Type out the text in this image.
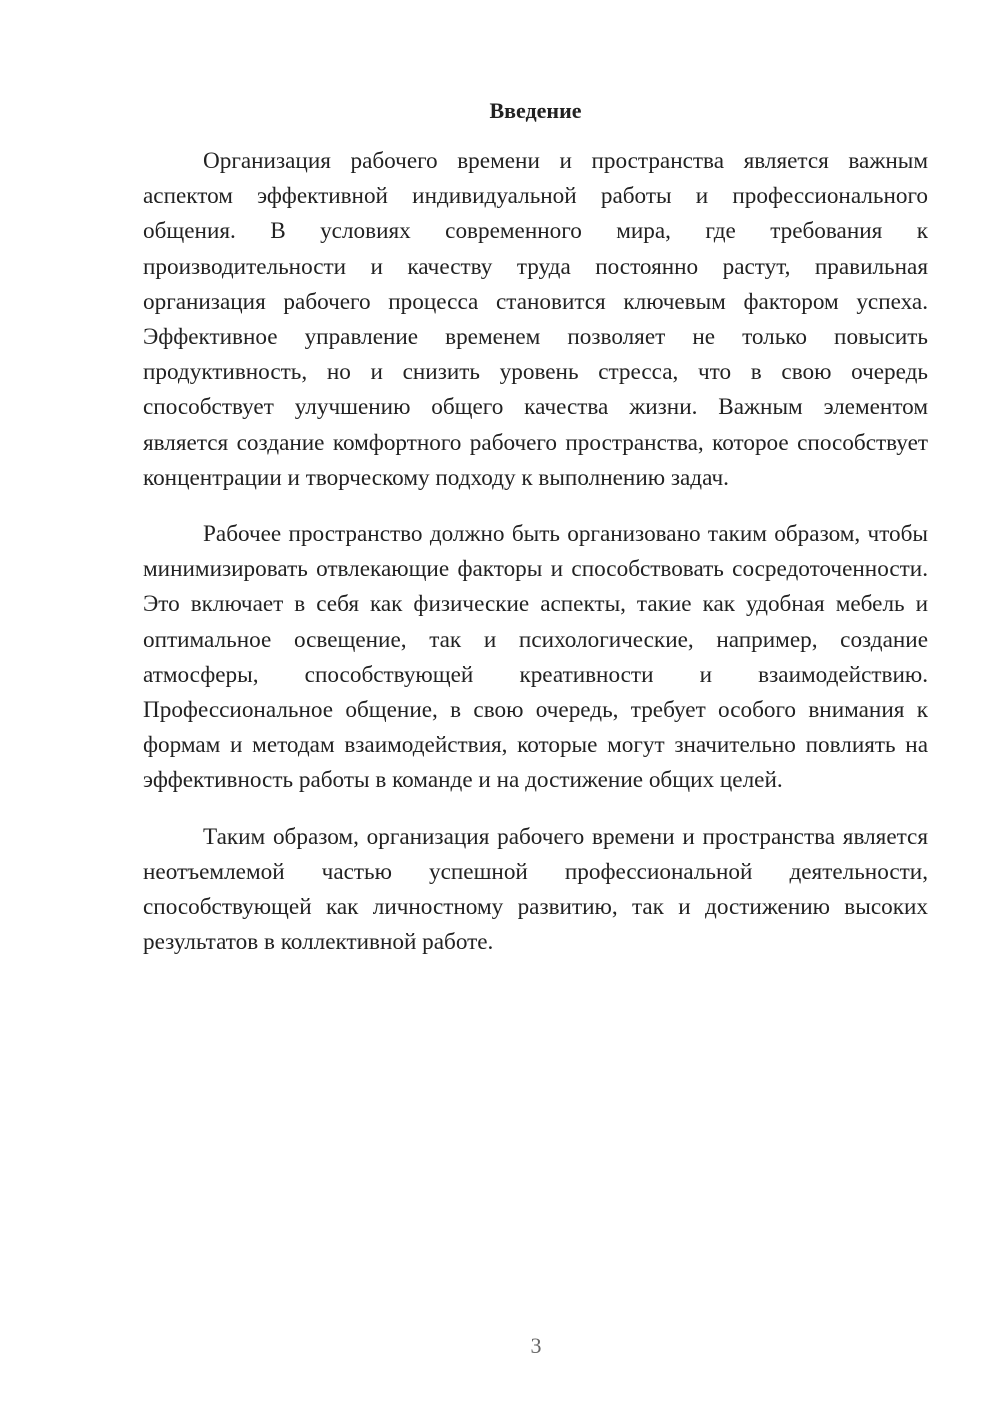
Введение

Организация рабочего времени и пространства является важным аспектом эффективной индивидуальной работы и профессионального общения. В условиях современного мира, где требования к производительности и качеству труда постоянно растут, правильная организация рабочего процесса становится ключевым фактором успеха. Эффективное управление временем позволяет не только повысить продуктивность, но и снизить уровень стресса, что в свою очередь способствует улучшению общего качества жизни. Важным элементом является создание комфортного рабочего пространства, которое способствует концентрации и творческому подходу к выполнению задач.

Рабочее пространство должно быть организовано таким образом, чтобы минимизировать отвлекающие факторы и способствовать сосредоточенности. Это включает в себя как физические аспекты, такие как удобная мебель и оптимальное освещение, так и психологические, например, создание атмосферы, способствующей креативности и взаимодействию. Профессиональное общение, в свою очередь, требует особого внимания к формам и методам взаимодействия, которые могут значительно повлиять на эффективность работы в команде и на достижение общих целей.

Таким образом, организация рабочего времени и пространства является неотъемлемой частью успешной профессиональной деятельности, способствующей как личностному развитию, так и достижению высоких результатов в коллективной работе.

3
